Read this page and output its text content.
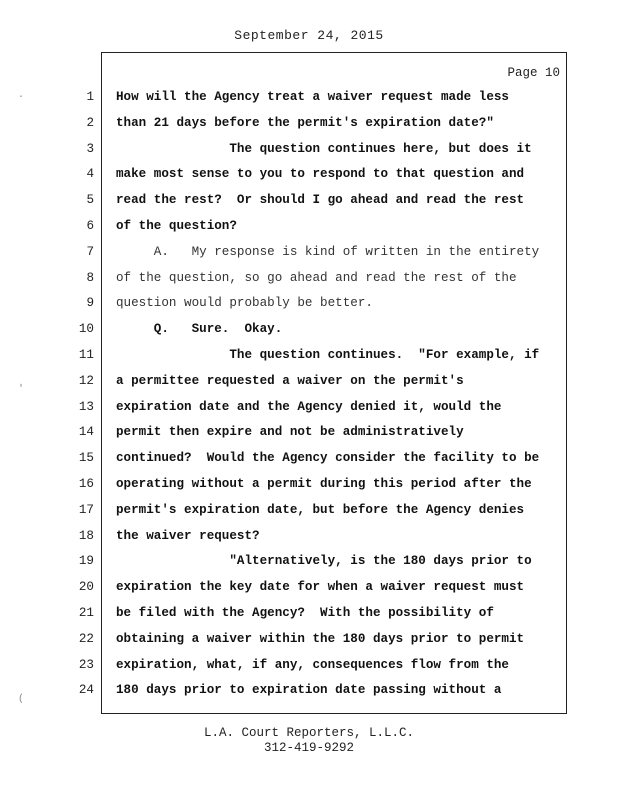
September 24, 2015
Page 10
1 How will the Agency treat a waiver request made less
2 than 21 days before the permit's expiration date?"
3 The question continues here, but does it
4 make most sense to you to respond to that question and
5 read the rest?  Or should I go ahead and read the rest
6 of the question?
7 A.   My response is kind of written in the entirety
8 of the question, so go ahead and read the rest of the
9 question would probably be better.
10 Q.   Sure.  Okay.
11 The question continues.  "For example, if
12 a permittee requested a waiver on the permit's
13 expiration date and the Agency denied it, would the
14 permit then expire and not be administratively
15 continued?  Would the Agency consider the facility to be
16 operating without a permit during this period after the
17 permit's expiration date, but before the Agency denies
18 the waiver request?
19 "Alternatively, is the 180 days prior to
20 expiration the key date for when a waiver request must
21 be filed with the Agency?  With the possibility of
22 obtaining a waiver within the 180 days prior to permit
23 expiration, what, if any, consequences flow from the
24 180 days prior to expiration date passing without a
L.A. Court Reporters, L.L.C.
312-419-9292
·
ʹ
(
